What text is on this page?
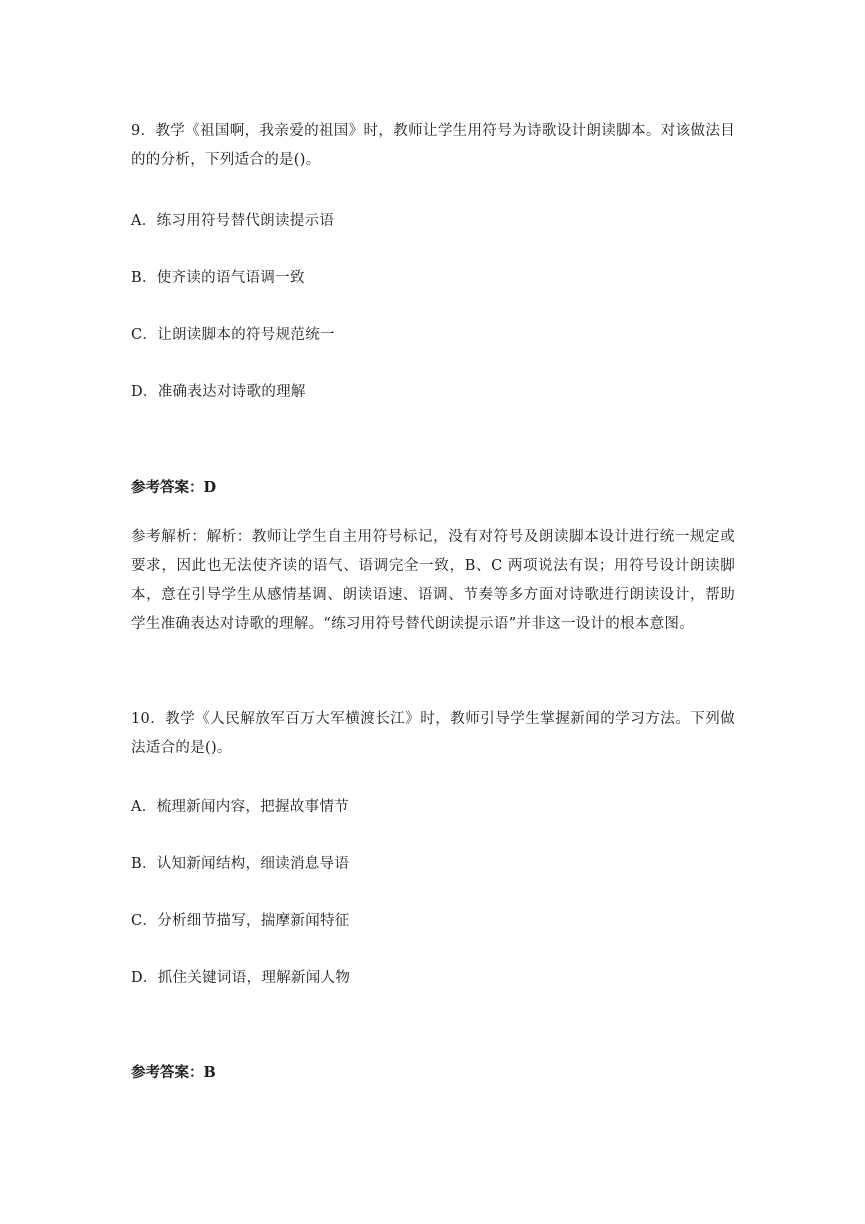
9．教学《祖国啊，我亲爱的祖国》时，教师让学生用符号为诗歌设计朗读脚本。对该做法目的的分析，下列适合的是()。
A．练习用符号替代朗读提示语
B．使齐读的语气语调一致
C．让朗读脚本的符号规范统一
D．准确表达对诗歌的理解
参考答案：D
参考解析：解析：教师让学生自主用符号标记，没有对符号及朗读脚本设计进行统一规定或要求，因此也无法使齐读的语气、语调完全一致，B、C 两项说法有误；用符号设计朗读脚本，意在引导学生从感情基调、朗读语速、语调、节奏等多方面对诗歌进行朗读设计，帮助学生准确表达对诗歌的理解。“练习用符号替代朗读提示语”并非这一设计的根本意图。
10．教学《人民解放军百万大军横渡长江》时，教师引导学生掌握新闻的学习方法。下列做法适合的是()。
A．梳理新闻内容，把握故事情节
B．认知新闻结构，细读消息导语
C．分析细节描写，揣摩新闻特征
D．抓住关键词语，理解新闻人物
参考答案：B
